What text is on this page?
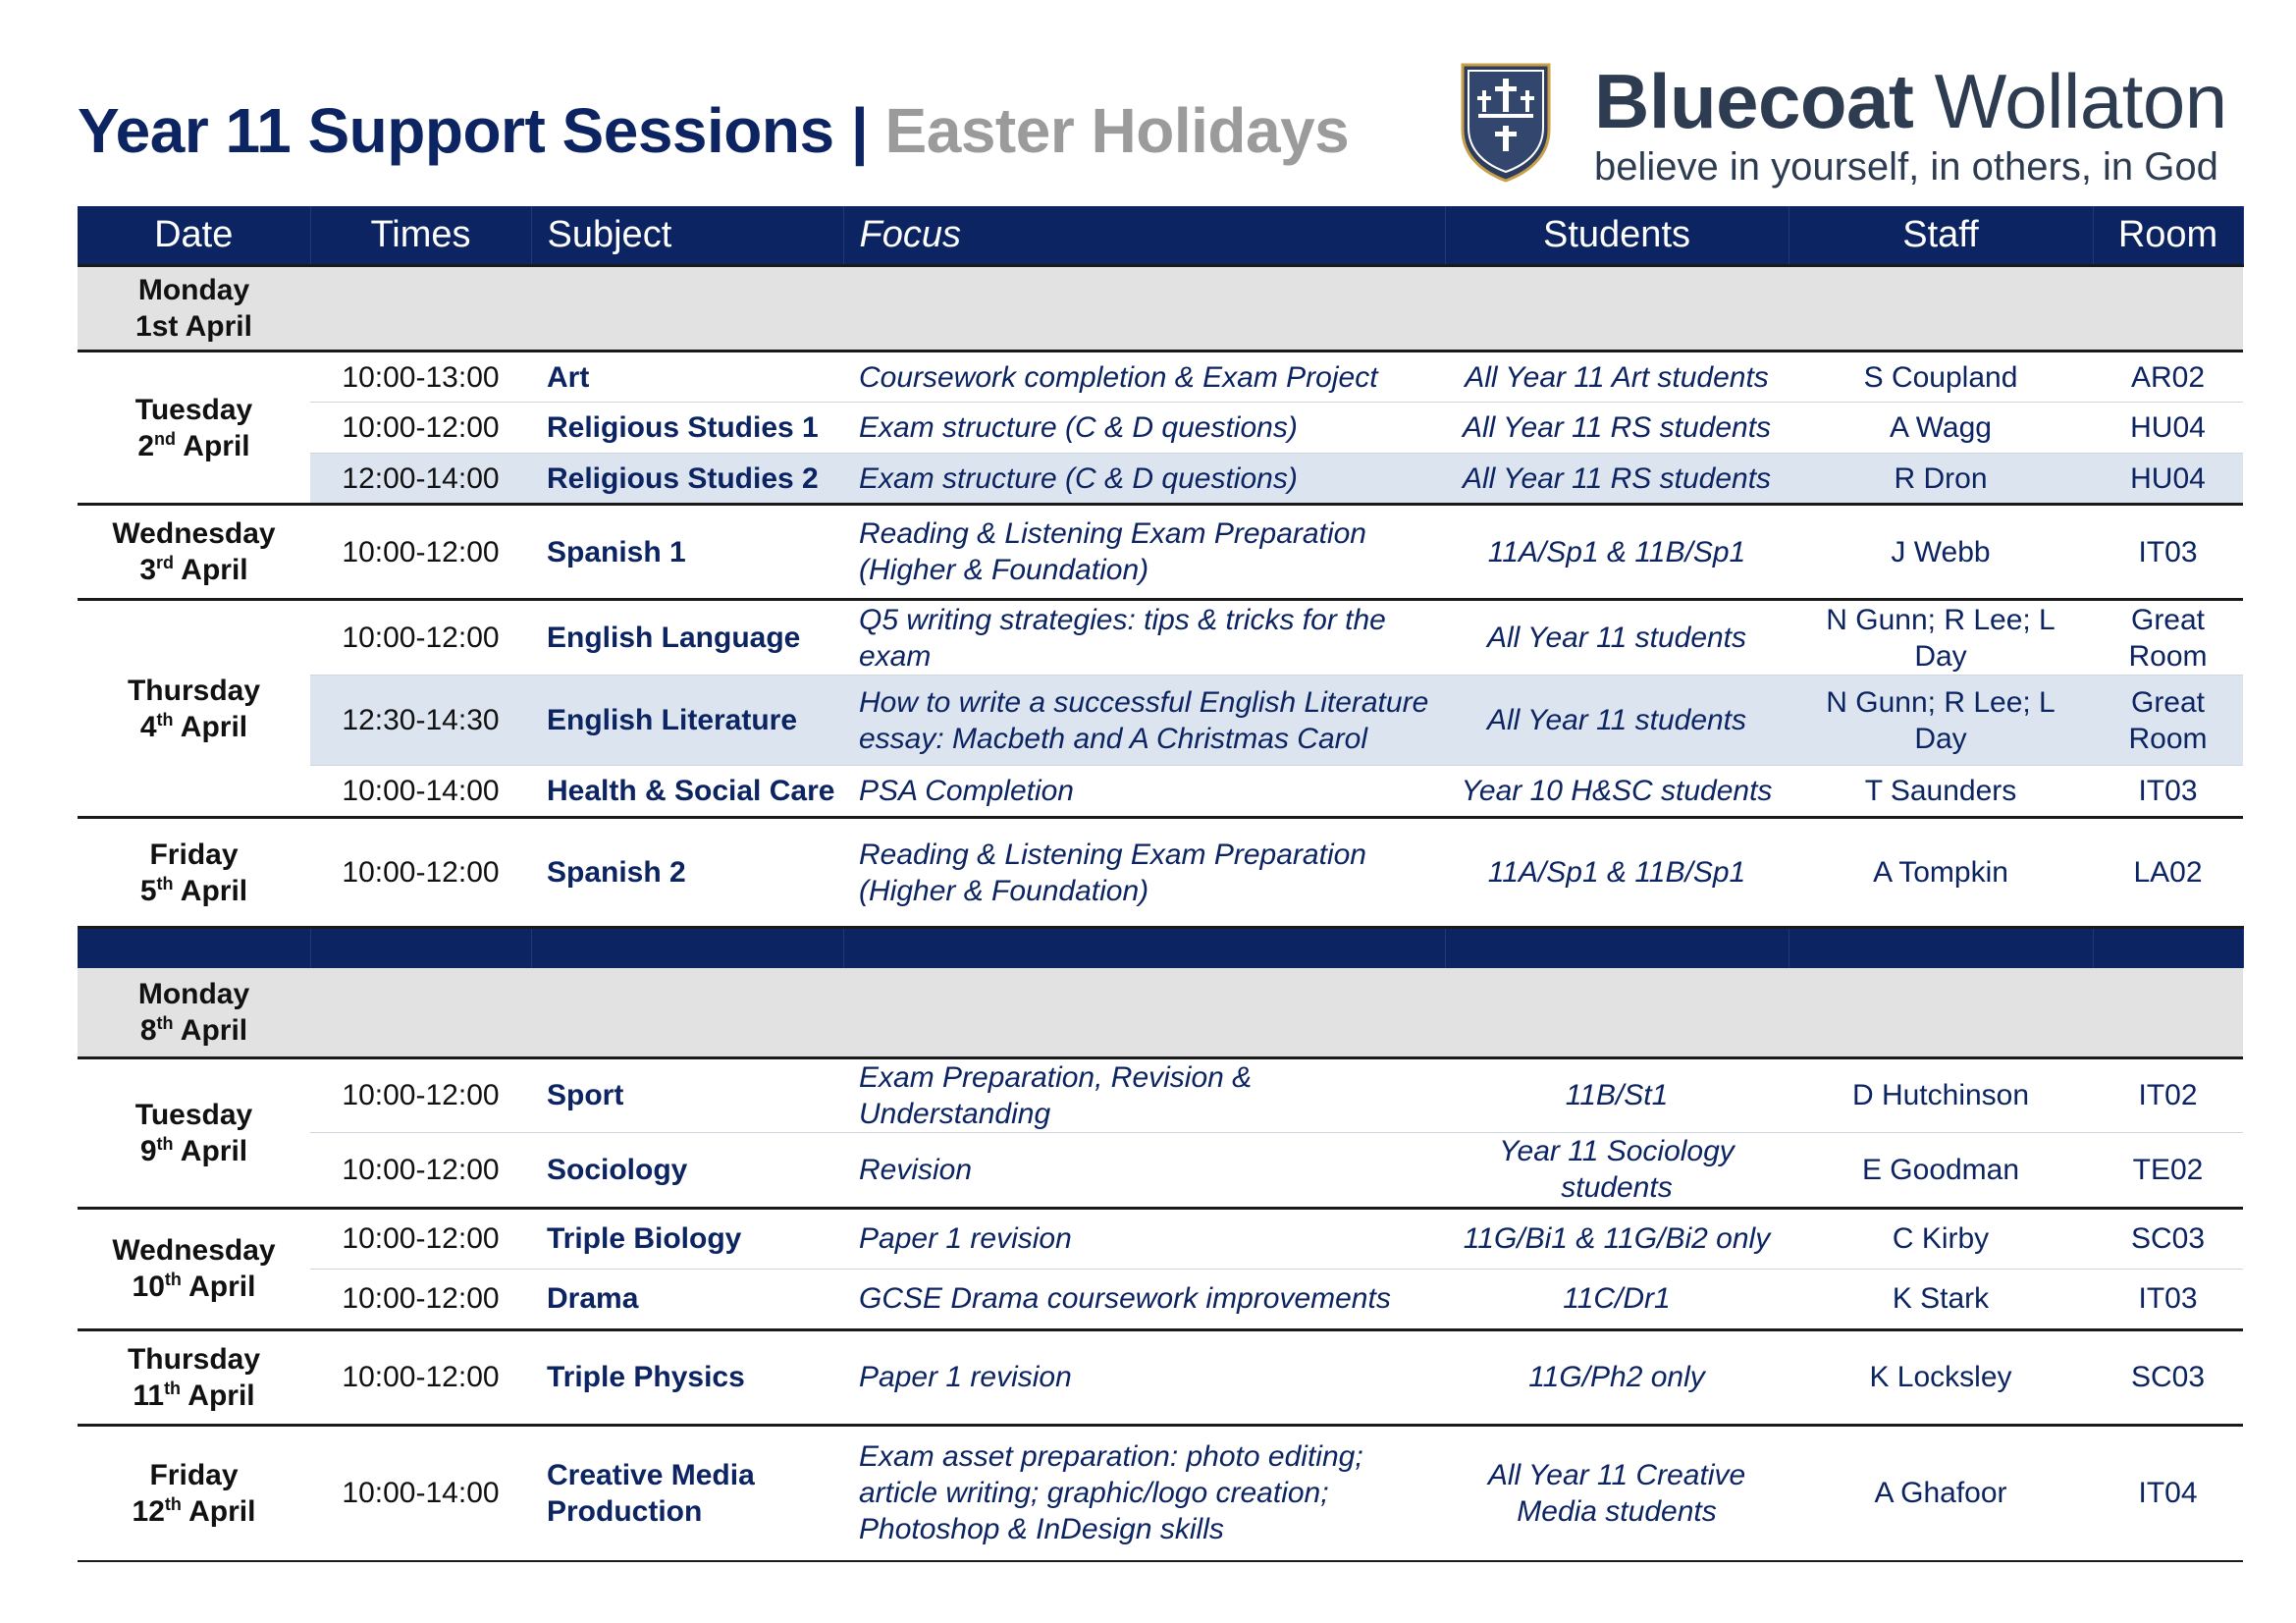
Year 11 Support Sessions | Easter Holidays	Bluecoat Wollaton
believe in yourself, in others, in God
Date	Times	Subject	Focus	Students	Staff	Room
Monday
1st April						
Tuesday
2nd April	10:00-13:00	Art	Coursework completion & Exam Project	All Year 11 Art students	S Coupland	AR02
	10:00-12:00	Religious Studies 1	Exam structure (C & D questions)	All Year 11 RS students	A Wagg	HU04
	12:00-14:00	Religious Studies 2	Exam structure (C & D questions)	All Year 11 RS students	R Dron	HU04
Wednesday
3rd April	10:00-12:00	Spanish 1	Reading & Listening Exam Preparation (Higher & Foundation)	11A/Sp1 & 11B/Sp1	J Webb	IT03
Thursday
4th April	10:00-12:00	English Language	Q5 writing strategies: tips & tricks for the exam	All Year 11 students	N Gunn; R Lee; L Day	Great Room
	12:30-14:30	English Literature	How to write a successful English Literature essay: Macbeth and A Christmas Carol	All Year 11 students	N Gunn; R Lee; L Day	Great Room
	10:00-14:00	Health & Social Care	PSA Completion	Year 10 H&SC students	T Saunders	IT03
Friday
5th April	10:00-12:00	Spanish 2	Reading & Listening Exam Preparation (Higher & Foundation)	11A/Sp1 & 11B/Sp1	A Tompkin	LA02

Monday
8th April						
Tuesday
9th April	10:00-12:00	Sport	Exam Preparation, Revision & Understanding	11B/St1	D Hutchinson	IT02
	10:00-12:00	Sociology	Revision	Year 11 Sociology students	E Goodman	TE02
Wednesday
10th April	10:00-12:00	Triple Biology	Paper 1 revision	11G/Bi1 & 11G/Bi2 only	C Kirby	SC03
	10:00-12:00	Drama	GCSE Drama coursework improvements	11C/Dr1	K Stark	IT03
Thursday
11th April	10:00-12:00	Triple Physics	Paper 1 revision	11G/Ph2 only	K Locksley	SC03
Friday
12th April	10:00-14:00	Creative Media Production	Exam asset preparation: photo editing; article writing; graphic/logo creation; Photoshop & InDesign skills	All Year 11 Creative Media students	A Ghafoor	IT04
